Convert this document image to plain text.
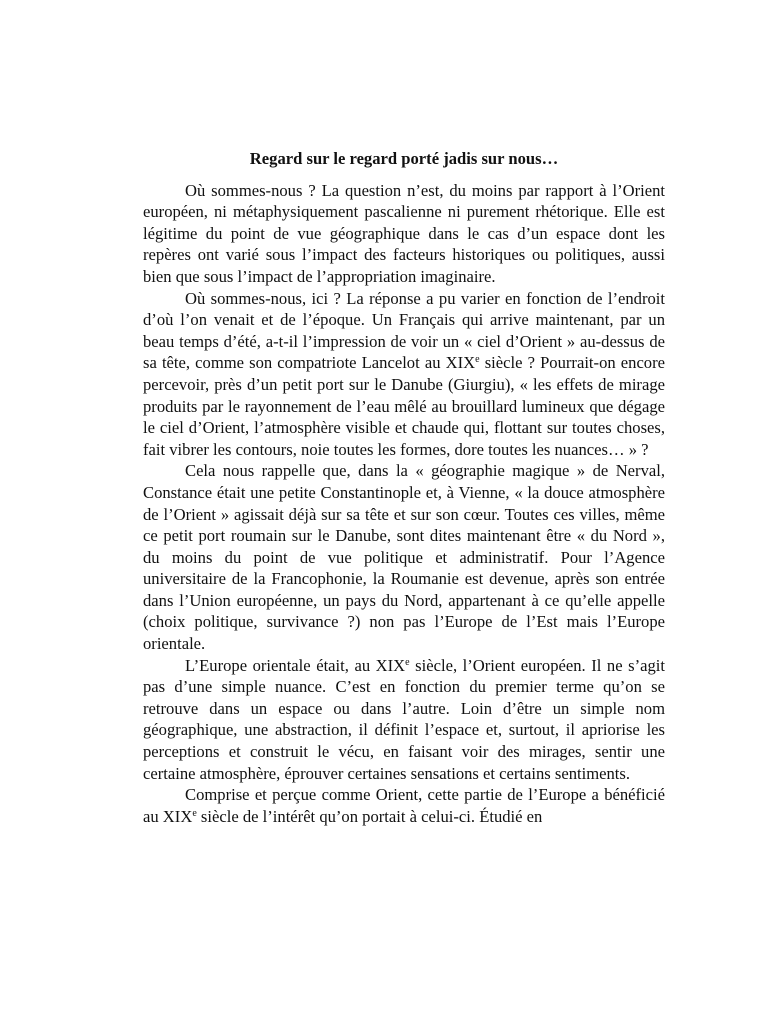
Regard sur le regard porté jadis sur nous…

Où sommes-nous ? La question n’est, du moins par rapport à l’Orient européen, ni métaphysiquement pascalienne ni purement rhétorique. Elle est légitime du point de vue géographique dans le cas d’un espace dont les repères ont varié sous l’impact des facteurs historiques ou politiques, aussi bien que sous l’impact de l’appropriation imaginaire.

Où sommes-nous, ici ? La réponse a pu varier en fonction de l’endroit d’où l’on venait et de l’époque. Un Français qui arrive maintenant, par un beau temps d’été, a-t-il l’impression de voir un « ciel d’Orient » au-dessus de sa tête, comme son compatriote Lancelot au XIXe siècle ? Pourrait-on encore percevoir, près d’un petit port sur le Danube (Giurgiu), « les effets de mirage produits par le rayonnement de l’eau mêlé au brouillard lumineux que dégage le ciel d’Orient, l’atmosphère visible et chaude qui, flottant sur toutes choses, fait vibrer les contours, noie toutes les formes, dore toutes les nuances… » ?

Cela nous rappelle que, dans la « géographie magique » de Nerval, Constance était une petite Constantinople et, à Vienne, « la douce atmosphère de l’Orient » agissait déjà sur sa tête et sur son cœur. Toutes ces villes, même ce petit port roumain sur le Danube, sont dites maintenant être « du Nord », du moins du point de vue politique et administratif. Pour l’Agence universitaire de la Francophonie, la Roumanie est devenue, après son entrée dans l’Union européenne, un pays du Nord, appartenant à ce qu’elle appelle (choix politique, survivance ?) non pas l’Europe de l’Est mais l’Europe orientale.

L’Europe orientale était, au XIXe siècle, l’Orient européen. Il ne s’agit pas d’une simple nuance. C’est en fonction du premier terme qu’on se retrouve dans un espace ou dans l’autre. Loin d’être un simple nom géographique, une abstraction, il définit l’espace et, surtout, il apriorise les perceptions et construit le vécu, en faisant voir des mirages, sentir une certaine atmosphère, éprouver certaines sensations et certains sentiments.

Comprise et perçue comme Orient, cette partie de l’Europe a bénéficié au XIXe siècle de l’intérêt qu’on portait à celui-ci. Étudié en
